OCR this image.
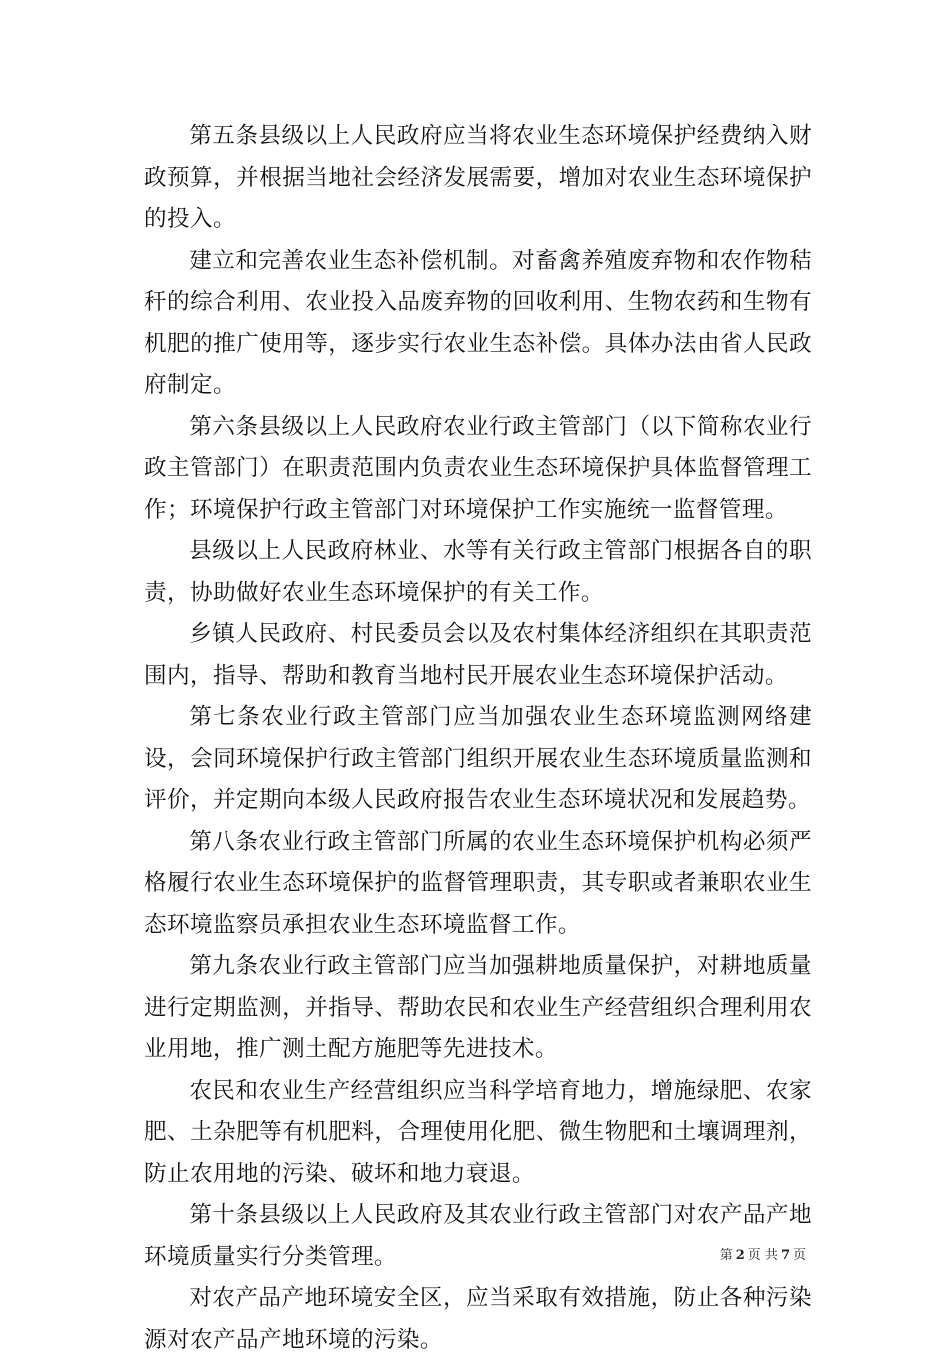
第五条县级以上人民政府应当将农业生态环境保护经费纳入财政预算，并根据当地社会经济发展需要，增加对农业生态环境保护的投入。

建立和完善农业生态补偿机制。对畜禽养殖废弃物和农作物秸秆的综合利用、农业投入品废弃物的回收利用、生物农药和生物有机肥的推广使用等，逐步实行农业生态补偿。具体办法由省人民政府制定。

第六条县级以上人民政府农业行政主管部门（以下简称农业行政主管部门）在职责范围内负责农业生态环境保护具体监督管理工作；环境保护行政主管部门对环境保护工作实施统一监督管理。

县级以上人民政府林业、水等有关行政主管部门根据各自的职责，协助做好农业生态环境保护的有关工作。

乡镇人民政府、村民委员会以及农村集体经济组织在其职责范围内，指导、帮助和教育当地村民开展农业生态环境保护活动。

第七条农业行政主管部门应当加强农业生态环境监测网络建设，会同环境保护行政主管部门组织开展农业生态环境质量监测和评价，并定期向本级人民政府报告农业生态环境状况和发展趋势。

第八条农业行政主管部门所属的农业生态环境保护机构必须严格履行农业生态环境保护的监督管理职责，其专职或者兼职农业生态环境监察员承担农业生态环境监督工作。

第九条农业行政主管部门应当加强耕地质量保护，对耕地质量进行定期监测，并指导、帮助农民和农业生产经营组织合理利用农业用地，推广测土配方施肥等先进技术。

农民和农业生产经营组织应当科学培育地力，增施绿肥、农家肥、土杂肥等有机肥料，合理使用化肥、微生物肥和土壤调理剂，防止农用地的污染、破坏和地力衰退。

第十条县级以上人民政府及其农业行政主管部门对农产品产地环境质量实行分类管理。

对农产品产地环境安全区，应当采取有效措施，防止各种污染源对农产品产地环境的污染。

第 2 页 共 7 页
